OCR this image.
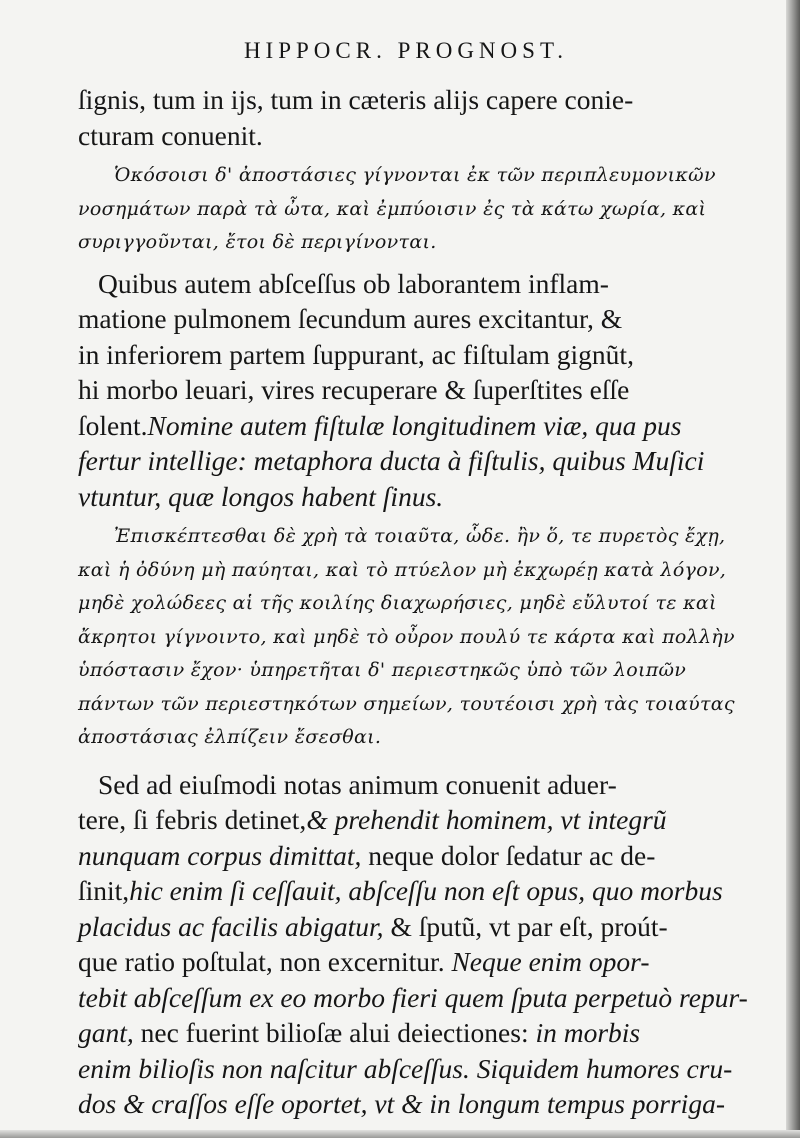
HIPPOCR. PROGNOST.
ſignis, tum in ijs, tum in cæteris alijs capere conie-
cturam conuenit.
Ὁκόσοισι δ' ἀποστάσιες γίγνονται ἐκ τῶν περιπλευμονικῶν
νοσημάτων παρὰ τὰ ὦτα, καὶ ἐμπύοισιν ἐς τὰ κάτω χωρία, καὶ
συριγγοῦνται, ἔτοι δὲ περιγίνονται.
Quibus autem abſceſſus ob laborantem inflam-
matione pulmonem ſecundum aures excitantur, &
in inferiorem partem ſuppurant, ac fiſtulam gignũt,
hi morbo leuari, vires recuperare & ſuperſtites eſſe
ſolent.Nomine autem fiſtulæ longitudinem viæ, qua pus
fertur intellige: metaphora ducta à fiſtulis, quibus Muſici
vtuntur, quæ longos habent ſinus.
Ἐπισκέπτεσθαι δὲ χρὴ τὰ τοιαῦτα, ὧδε. ἢν ὅ, τε πυρετὸς ἔχῃ,
καὶ ἡ ὀδύνη μὴ παύηται, καὶ τὸ πτύελον μὴ ἐκχωρέῃ κατὰ λόγον,
μηδὲ χολώδεες αἱ τῆς κοιλίης διαχωρήσιες, μηδὲ εὔλυτοί τε καὶ
ἄκρητοι γίγνοιντο, καὶ μηδὲ τὸ οὖρον πουλύ τε κάρτα καὶ πολλὴν
ὑπόστασιν ἔχον· ὑπηρετῆται δ' περιεστηκῶς ὑπὸ τῶν λοιπῶν
πάντων τῶν περιεστηκότων σημείων, τουτέοισι χρὴ τὰς τοιαύτας
ἀποστάσιας ἐλπίζειν ἔσεσθαι.
Sed ad eiuſmodi notas animum conuenit aduer-
tere, ſi febris detinet,& prehendit hominem, vt integrũ
nunquam corpus dimittat, neque dolor ſedatur ac de-
ſinit,hic enim ſi ceſſauit, abſceſſu non eſt opus, quo morbus
placidus ac facilis abigatur, & ſputũ, vt par eſt, proút-
que ratio poſtulat, non excernitur. Neque enim opor-
tebit abſceſſum ex eo morbo fieri quem ſputa perpetuò repur-
gant, nec fuerint bilioſæ alui deiectiones: in morbis
enim bilioſis non naſcitur abſceſſus. Siquidem humores cru-
dos & craſſos eſſe oportet, vt & in longum tempus porriga-
